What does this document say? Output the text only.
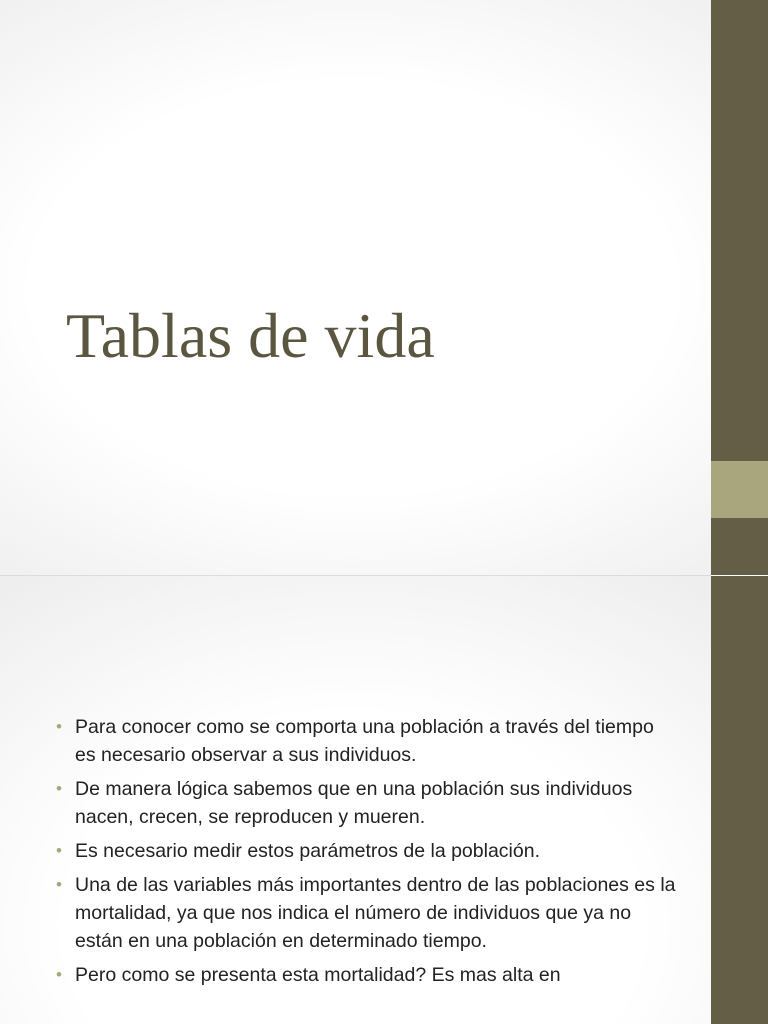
Tablas de vida
• Para conocer como se comporta una población a través del tiempo es necesario observar a sus individuos.
• De manera lógica sabemos que en una población sus individuos nacen, crecen, se reproducen y mueren.
• Es necesario medir estos parámetros de la población.
• Una de las variables más importantes dentro de las poblaciones es la mortalidad, ya que nos indica el número de individuos que ya no están en una población en determinado tiempo.
• Pero como se presenta esta mortalidad? Es mas alta en
